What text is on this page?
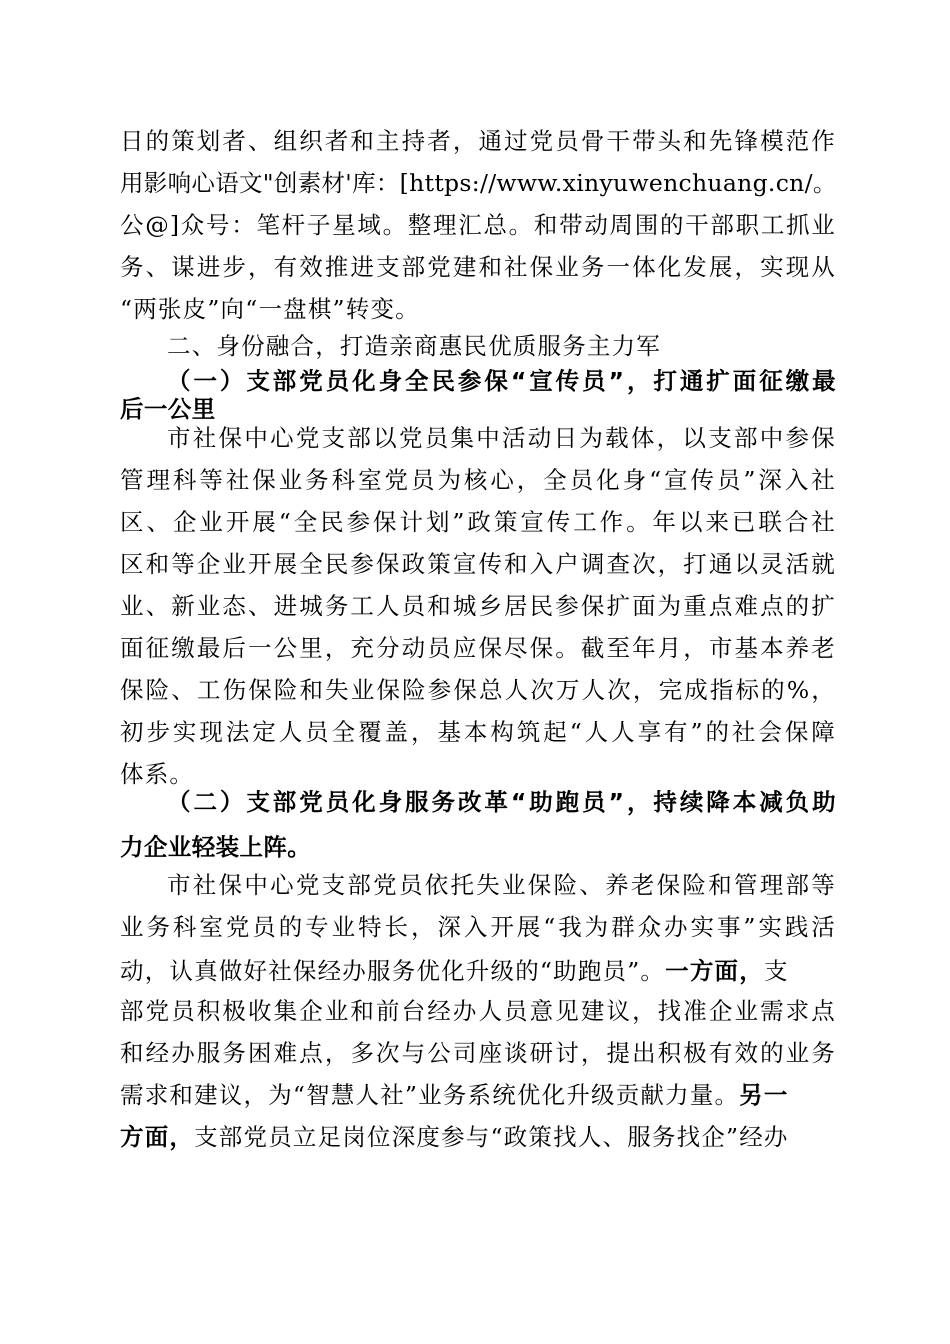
日的策划者、组织者和主持者，通过党员骨干带头和先锋模范作

用影响心语文"创素材'库：[https://www.xinyuwenchuang.cn/。

公@]众号：笔杆子星域。整理汇总。和带动周围的干部职工抓业

务、谋进步，有效推进支部党建和社保业务一体化发展，实现从

“两张皮”向“一盘棋”转变。

二、身份融合，打造亲商惠民优质服务主力军

（一）支部党员化身全民参保“宣传员”，打通扩面征缴最

后一公里

市社保中心党支部以党员集中活动日为载体，以支部中参保

管理科等社保业务科室党员为核心，全员化身“宣传员”深入社

区、企业开展“全民参保计划”政策宣传工作。年以来已联合社

区和等企业开展全民参保政策宣传和入户调查次，打通以灵活就

业、新业态、进城务工人员和城乡居民参保扩面为重点难点的扩

面征缴最后一公里，充分动员应保尽保。截至年月，市基本养老

保险、工伤保险和失业保险参保总人次万人次，完成指标的%，

初步实现法定人员全覆盖，基本构筑起“人人享有”的社会保障

体系。

（二）支部党员化身服务改革“助跑员”，持续降本减负助

力企业轻装上阵。

市社保中心党支部党员依托失业保险、养老保险和管理部等

业务科室党员的专业特长，深入开展“我为群众办实事”实践活

动，认真做好社保经办服务优化升级的“助跑员”。一方面，支

部党员积极收集企业和前台经办人员意见建议，找准企业需求点

和经办服务困难点，多次与公司座谈研讨，提出积极有效的业务

需求和建议，为“智慧人社”业务系统优化升级贡献力量。另一

方面，支部党员立足岗位深度参与“政策找人、服务找企”经办
